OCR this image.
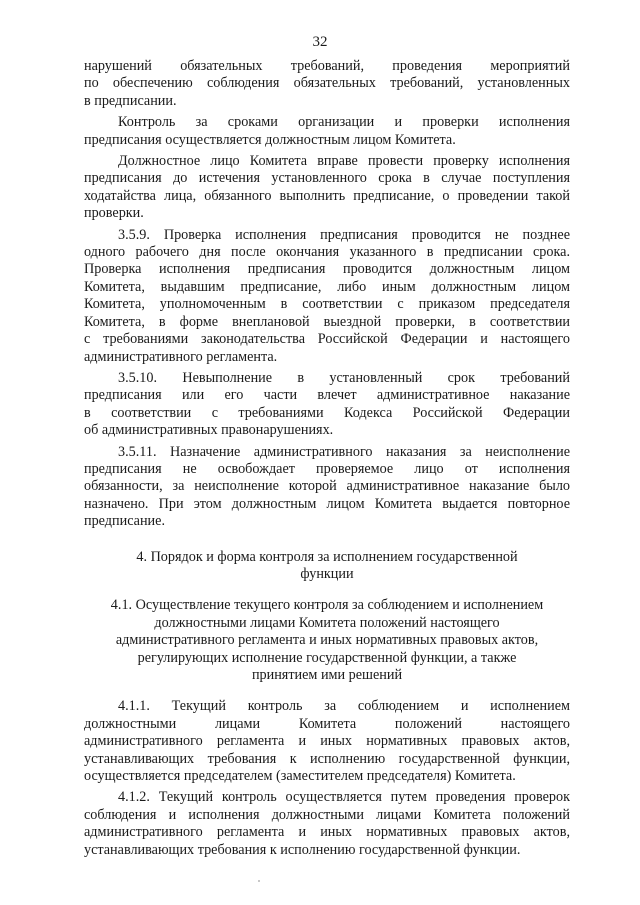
32
нарушений обязательных требований, проведения мероприятий
по обеспечению соблюдения обязательных требований, установленных
в предписании.
Контроль за сроками организации и проверки исполнения
предписания осуществляется должностным лицом Комитета.
Должностное лицо Комитета вправе провести проверку исполнения
предписания до истечения установленного срока в случае поступления
ходатайства лица, обязанного выполнить предписание, о проведении такой
проверки.
3.5.9. Проверка исполнения предписания проводится не позднее
одного рабочего дня после окончания указанного в предписании срока.
Проверка исполнения предписания проводится должностным лицом
Комитета, выдавшим предписание, либо иным должностным лицом
Комитета, уполномоченным в соответствии с приказом председателя
Комитета, в форме внеплановой выездной проверки, в соответствии
с требованиями законодательства Российской Федерации и настоящего
административного регламента.
3.5.10. Невыполнение в установленный срок требований
предписания или его части влечет административное наказание
в соответствии с требованиями Кодекса Российской Федерации
об административных правонарушениях.
3.5.11. Назначение административного наказания за неисполнение
предписания не освобождает проверяемое лицо от исполнения
обязанности, за неисполнение которой административное наказание было
назначено. При этом должностным лицом Комитета выдается повторное
предписание.
4. Порядок и форма контроля за исполнением государственной
функции
4.1. Осуществление текущего контроля за соблюдением и исполнением
должностными лицами Комитета положений настоящего
административного регламента и иных нормативных правовых актов,
регулирующих исполнение государственной функции, а также
принятием ими решений
4.1.1. Текущий контроль за соблюдением и исполнением
должностными лицами Комитета положений настоящего
административного регламента и иных нормативных правовых актов,
устанавливающих требования к исполнению государственной функции,
осуществляется председателем (заместителем председателя) Комитета.
4.1.2. Текущий контроль осуществляется путем проведения проверок
соблюдения и исполнения должностными лицами Комитета положений
административного регламента и иных нормативных правовых актов,
устанавливающих требования к исполнению государственной функции.
